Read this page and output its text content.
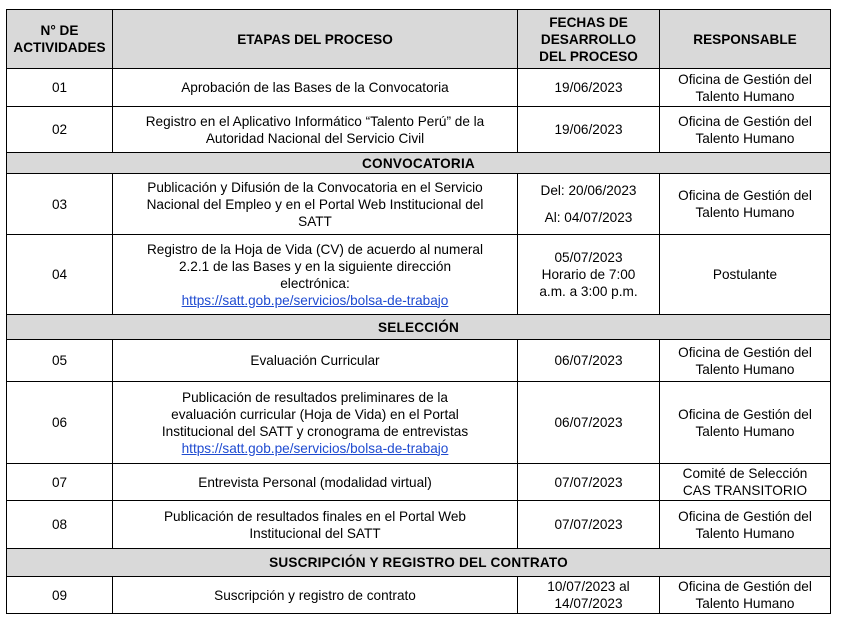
N° DE
ACTIVIDADES	ETAPAS DEL PROCESO	FECHAS DE
DESARROLLO
DEL PROCESO	RESPONSABLE
01	Aprobación de las Bases de la Convocatoria	19/06/2023	Oficina de Gestión del
Talento Humano

02	Registro en el Aplicativo Informático “Talento Perú” de la
Autoridad Nacional del Servicio Civil	19/06/2023	Oficina de Gestión del
Talento Humano

CONVOCATORIA			
03	Publicación y Difusión de la Convocatoria en el Servicio
Nacional del Empleo y en el Portal Web Institucional del
SATT	Del: 20/06/2023
Al: 04/07/2023	Oficina de Gestión del
Talento Humano

04	Registro de la Hoja de Vida (CV) de acuerdo al numeral
2.2.1 de las Bases y en la siguiente dirección
electrónica:
https://satt.gob.pe/servicios/bolsa-de-trabajo	05/07/2023
Horario de 7:00
a.m. a 3:00 p.m.	Postulante
SELECCIÓN			
05	Evaluación Curricular	06/07/2023	Oficina de Gestión del
Talento Humano

06	Publicación de resultados preliminares de la
evaluación curricular (Hoja de Vida) en el Portal
Institucional del SATT y cronograma de entrevistas
https://satt.gob.pe/servicios/bolsa-de-trabajo	06/07/2023	Oficina de Gestión del
Talento Humano

07	Entrevista Personal (modalidad virtual)	07/07/2023	Comité de Selección
CAS TRANSITORIO

08	Publicación de resultados finales en el Portal Web
Institucional del SATT	07/07/2023	Oficina de Gestión del
Talento Humano

SUSCRIPCIÓN Y REGISTRO DEL CONTRATO			
09	Suscripción y registro de contrato	10/07/2023 al
14/07/2023	Oficina de Gestión del
Talento Humano
